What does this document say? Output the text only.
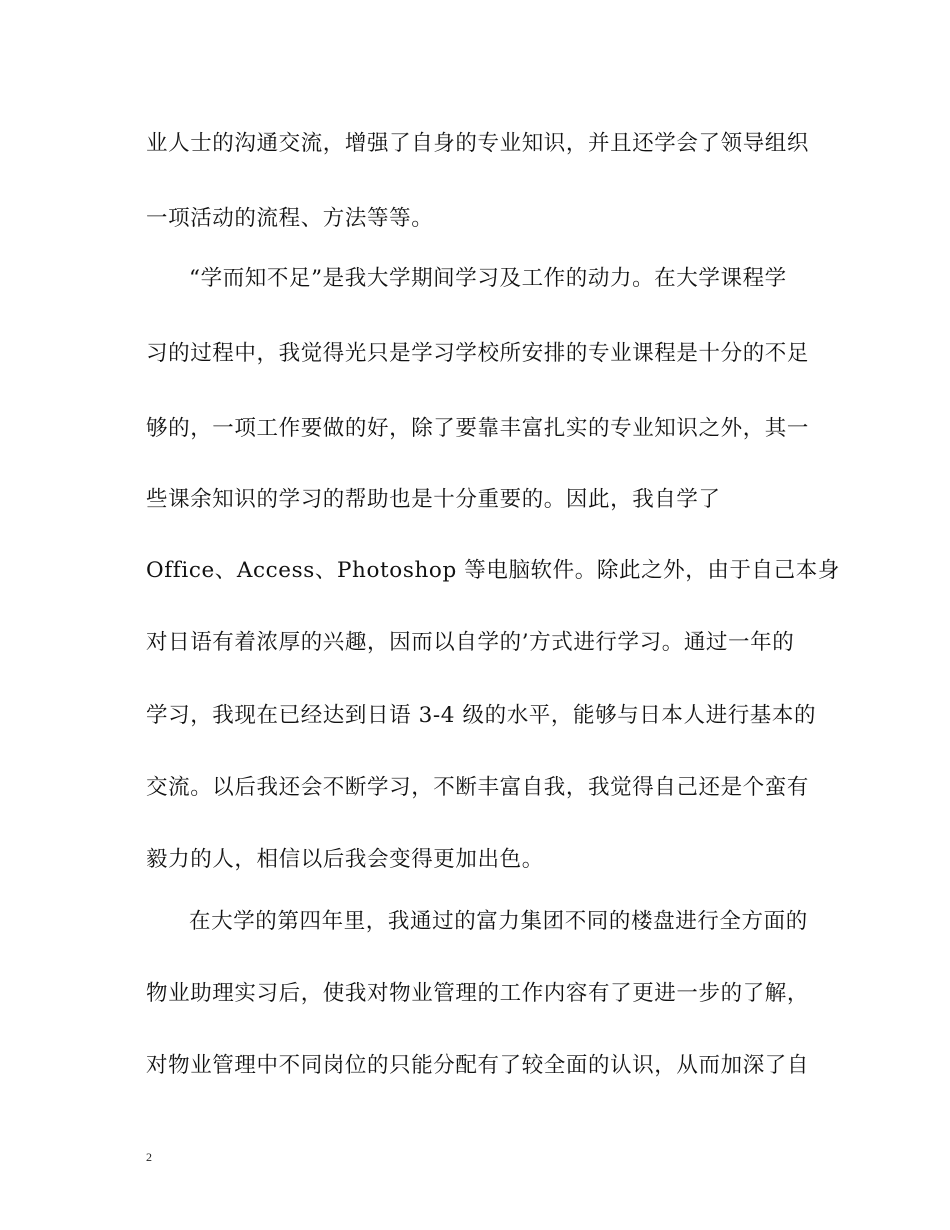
业人士的沟通交流，增强了自身的专业知识，并且还学会了领导组织
一项活动的流程、方法等等。
“学而知不足”是我大学期间学习及工作的动力。在大学课程学
习的过程中，我觉得光只是学习学校所安排的专业课程是十分的不足
够的，一项工作要做的好，除了要靠丰富扎实的专业知识之外，其一
些课余知识的学习的帮助也是十分重要的。因此，我自学了
Office、Access、Photoshop 等电脑软件。除此之外，由于自己本身
对日语有着浓厚的兴趣，因而以自学的’方式进行学习。通过一年的
学习，我现在已经达到日语 3-4 级的水平，能够与日本人进行基本的
交流。以后我还会不断学习，不断丰富自我，我觉得自己还是个蛮有
毅力的人，相信以后我会变得更加出色。
在大学的第四年里，我通过的富力集团不同的楼盘进行全方面的
物业助理实习后，使我对物业管理的工作内容有了更进一步的了解，
对物业管理中不同岗位的只能分配有了较全面的认识，从而加深了自
2
